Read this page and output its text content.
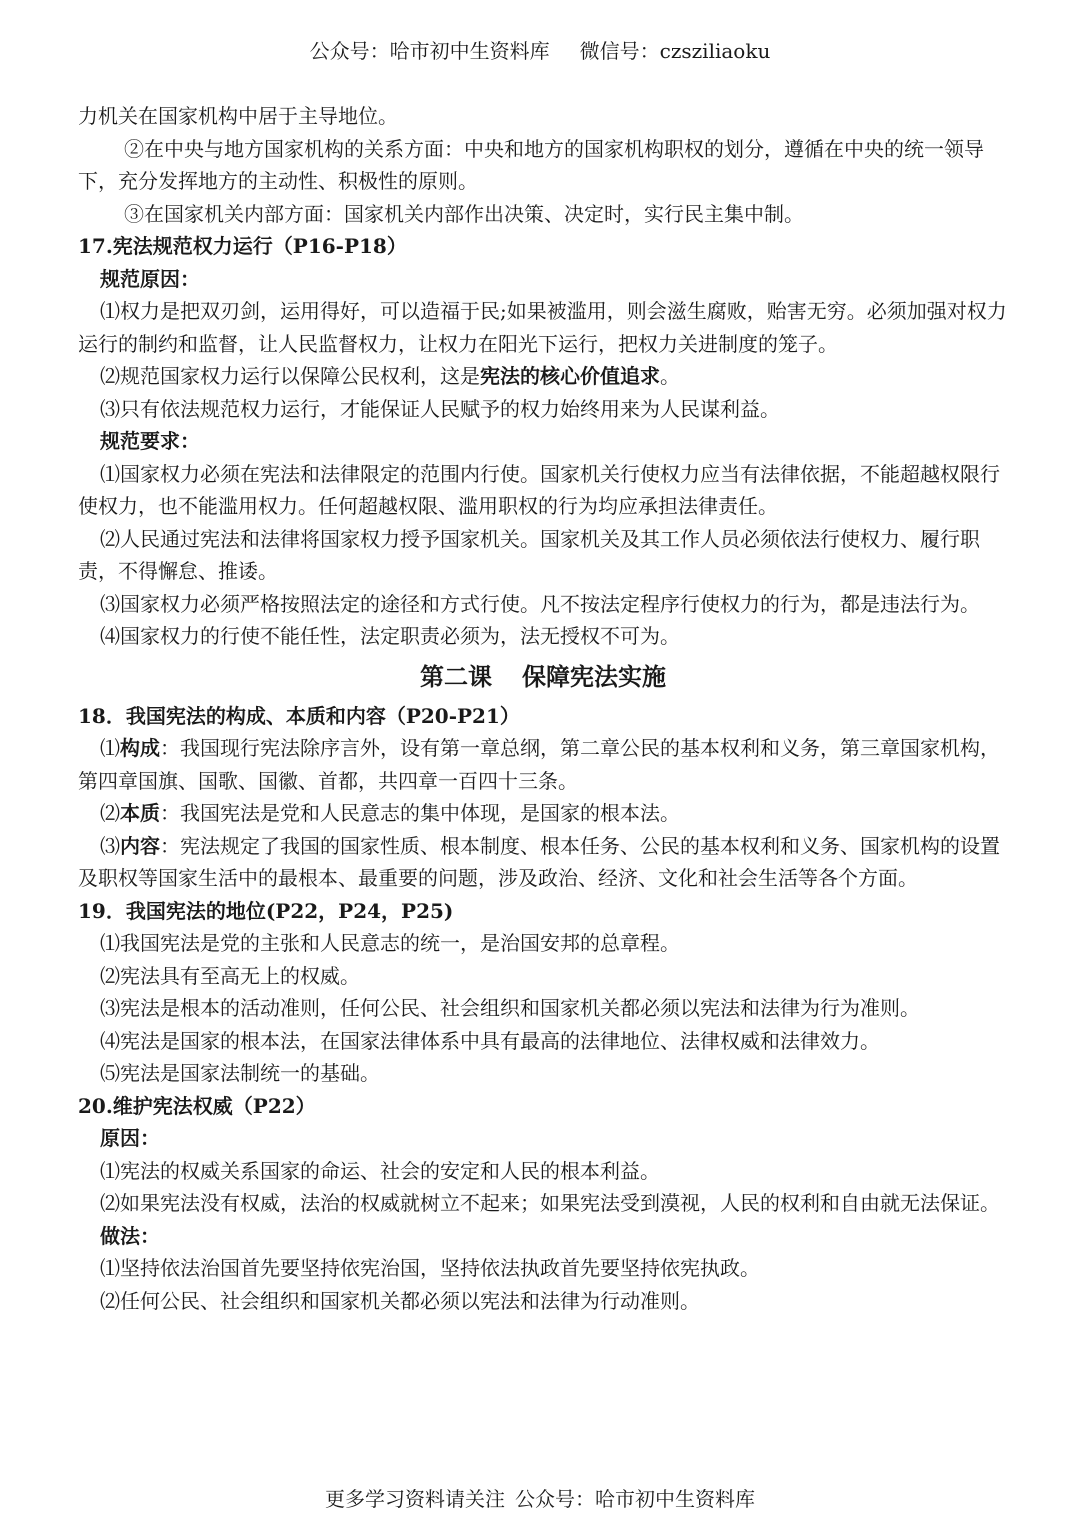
公众号：哈市初中生资料库 微信号：czsziliaoku

力机关在国家机构中居于主导地位。

②在中央与地方国家机构的关系方面：中央和地方的国家机构职权的划分，遵循在中央的统一领导下，充分发挥地方的主动性、积极性的原则。

③在国家机关内部方面：国家机关内部作出决策、决定时，实行民主集中制。

17.宪法规范权力运行（P16-P18）

规范原因：

⑴权力是把双刃剑，运用得好，可以造福于民;如果被滥用，则会滋生腐败，贻害无穷。必须加强对权力运行的制约和监督，让人民监督权力，让权力在阳光下运行，把权力关进制度的笼子。

⑵规范国家权力运行以保障公民权利，这是宪法的核心价值追求。

⑶只有依法规范权力运行，才能保证人民赋予的权力始终用来为人民谋利益。

规范要求：

⑴国家权力必须在宪法和法律限定的范围内行使。国家机关行使权力应当有法律依据，不能超越权限行使权力，也不能滥用权力。任何超越权限、滥用职权的行为均应承担法律责任。

⑵人民通过宪法和法律将国家权力授予国家机关。国家机关及其工作人员必须依法行使权力、履行职责，不得懈怠、推诿。

⑶国家权力必须严格按照法定的途径和方式行使。凡不按法定程序行使权力的行为，都是违法行为。

⑷国家权力的行使不能任性，法定职责必须为，法无授权不可为。

第二课 保障宪法实施

18．我国宪法的构成、本质和内容（P20-P21）

⑴构成：我国现行宪法除序言外，设有第一章总纲，第二章公民的基本权利和义务，第三章国家机构，第四章国旗、国歌、国徽、首都，共四章一百四十三条。

⑵本质：我国宪法是党和人民意志的集中体现，是国家的根本法。

⑶内容：宪法规定了我国的国家性质、根本制度、根本任务、公民的基本权利和义务、国家机构的设置及职权等国家生活中的最根本、最重要的问题，涉及政治、经济、文化和社会生活等各个方面。

19．我国宪法的地位(P22，P24，P25)

⑴我国宪法是党的主张和人民意志的统一，是治国安邦的总章程。

⑵宪法具有至高无上的权威。

⑶宪法是根本的活动准则，任何公民、社会组织和国家机关都必须以宪法和法律为行为准则。

⑷宪法是国家的根本法，在国家法律体系中具有最高的法律地位、法律权威和法律效力。

⑸宪法是国家法制统一的基础。

20.维护宪法权威（P22）

原因：

⑴宪法的权威关系国家的命运、社会的安定和人民的根本利益。

⑵如果宪法没有权威，法治的权威就树立不起来；如果宪法受到漠视，人民的权利和自由就无法保证。

做法：

⑴坚持依法治国首先要坚持依宪治国，坚持依法执政首先要坚持依宪执政。

⑵任何公民、社会组织和国家机关都必须以宪法和法律为行动准则。

更多学习资料请关注 公众号：哈市初中生资料库
